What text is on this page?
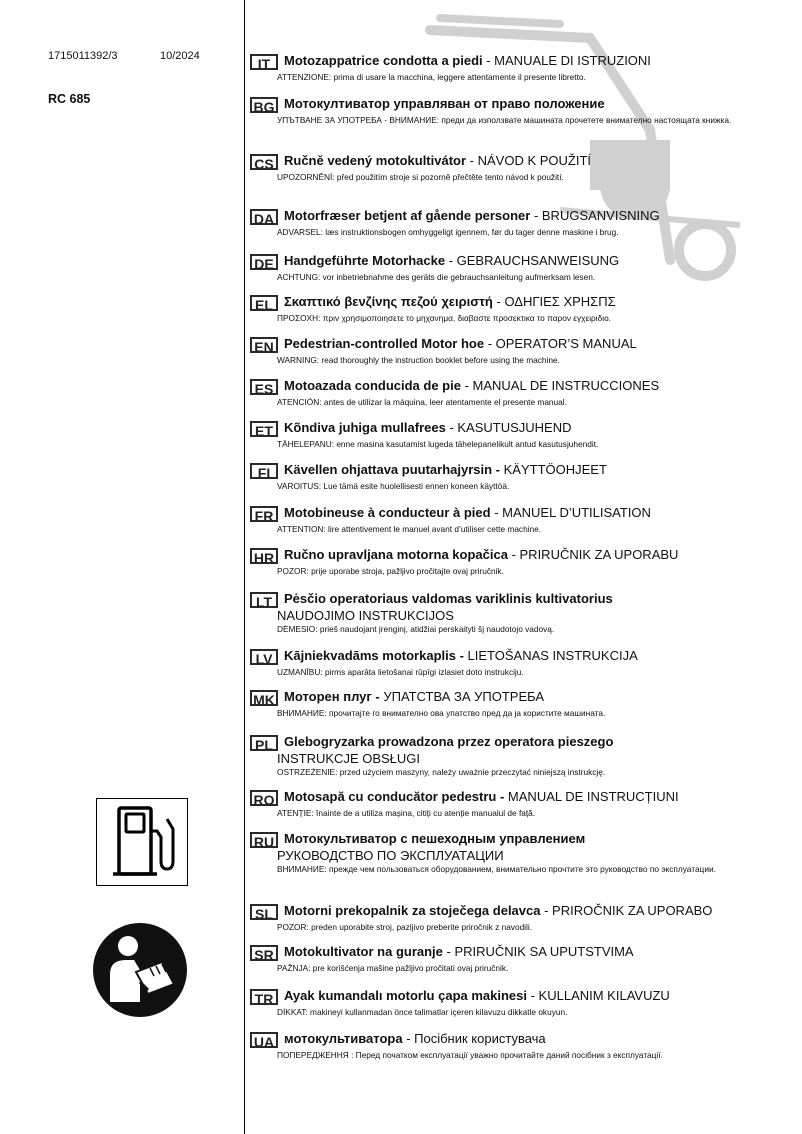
1715011392/3	10/2024
RC 685
IT	Motozappatrice condotta a piedi - MANUALE DI ISTRUZIONI
ATTENZIONE: prima di usare la macchina, leggere attentamente il presente libretto.
BG Мотокултиватор управляван от право положение
УПЪТВАНЕ ЗА УПОТРЕБА - ВНИМАНИЕ: преди да използвате машината прочетете внимателно настоящата книжка.
CS Ručně vedený motokultivátor - NÁVOD K POUŽITÍ
UPOZORNĚNÍ: před použitím stroje si pozorně přečtěte tento návod k použití.
DA Motorfræser betjent af gående personer - BRUGSANVISNING
ADVARSEL: læs instruktionsbogen omhyggeligt igennem, før du tager denne maskine i brug.
DE Handgeführte Motorhacke - GEBRAUCHSANWEISUNG
ACHTUNG: vor inbetriebnahme des geräts die gebrauchsanleitung aufmerksam lesen.
EL Σκαπτικό βενζίνης πεζού χειριστή - ΟΔΗΓΙΕΣ ΧΡΗΣΠΣ
ΠΡΟΣΟΧΗ: πριν χρησιμοποιησετε το μηχανημα, διαβαστε προσεκτικα το παρον εγχειριδιο.
EN Pedestrian-controlled Motor hoe - OPERATOR’S MANUAL
WARNING: read thoroughly the instruction booklet before using the machine.
ES Motoazada conducida de pie - MANUAL DE INSTRUCCIONES
ATENCIÓN: antes de utilizar la máquina, leer atentamente el presente manual.
ET Kõndiva juhiga mullafrees - KASUTUSJUHEND
TÄHELEPANU: enne masina kasutamist lugeda tähelepanelikult antud kasutusjuhendit.
FI	Kävellen ohjattava puutarhajyrsin - KÄYTTÖOHJEET
VAROITUS: Lue tämä esite huolellisesti ennen koneen käyttöä.
FR Motobineuse à conducteur à pied - MANUEL D’UTILISATION
ATTENTION: lire attentivement le manuel avant d’utiliser cette machine.
HR Ručno upravljana motorna kopačica - PRIRUČNIK ZA UPORABU
POZOR: prije uporabe stroja, pažljivo pročitajte ovaj priručnik.
LT Pėsčio operatoriaus valdomas variklinis kultivatorius
NAUDOJIMO INSTRUKCIJOS
DĖMESIO: prieš naudojant įrenginį, atidžiai perskaityti šį naudotojo vadovą.
LV Kājniekvadāms motorkaplis - LIETOŠANAS INSTRUKCIJA
UZMANĪBU: pirms aparāta lietošanai rūpīgi izlasiet doto instrukciju.
MK Моторен плуг - УПАТСТВА ЗА УПОТРЕБА
ВНИМАНИЕ: прочитајте го внимателно ова упатство пред да ја користите машината.
PL Glebogryzarka prowadzona przez operatora pieszego
INSTRUKCJE OBSŁUGI
OSTRZEŻENIE: przed użyciem maszyny, należy uważnie przeczytać niniejszą instrukcję.
RO Motosapă cu conducător pedestru - MANUAL DE INSTRUCȚIUNI
ATENȚIE: înainte de a utiliza mașina, citiți cu atenție manualul de față.
RU Мотокультиватор с пешеходным управлением
РУКОВОДСТВО ПО ЭКСПЛУАТАЦИИ
ВНИМАНИЕ: прежде чем пользоваться оборудованием, внимательно прочтите это руководство по эксплуатации.
SL Motorni prekopalnik za stoječega delavca - PRIROČNIK ZA UPORABO
POZOR: preden uporabite stroj, pazljivo preberite priročnik z navodili.
SR Motokultivator na guranje - PRIRUČNIK SA UPUTSTVIMA
PAŽNJA: pre korišćenja mašine pažljivo pročitati ovaj priručnik.
TR Ayak kumandalı motorlu çapa makinesi - KULLANIM KILAVUZU
DİKKAT: makineyi kullanmadan önce talimatlar içeren kilavuzu dikkatle okuyun.
UA мотокультиватора - Посібник користувача
ПОПЕРЕДЖЕННЯ : Перед початком експлуатації уважно прочитайте даний посібник з експлуатації.
